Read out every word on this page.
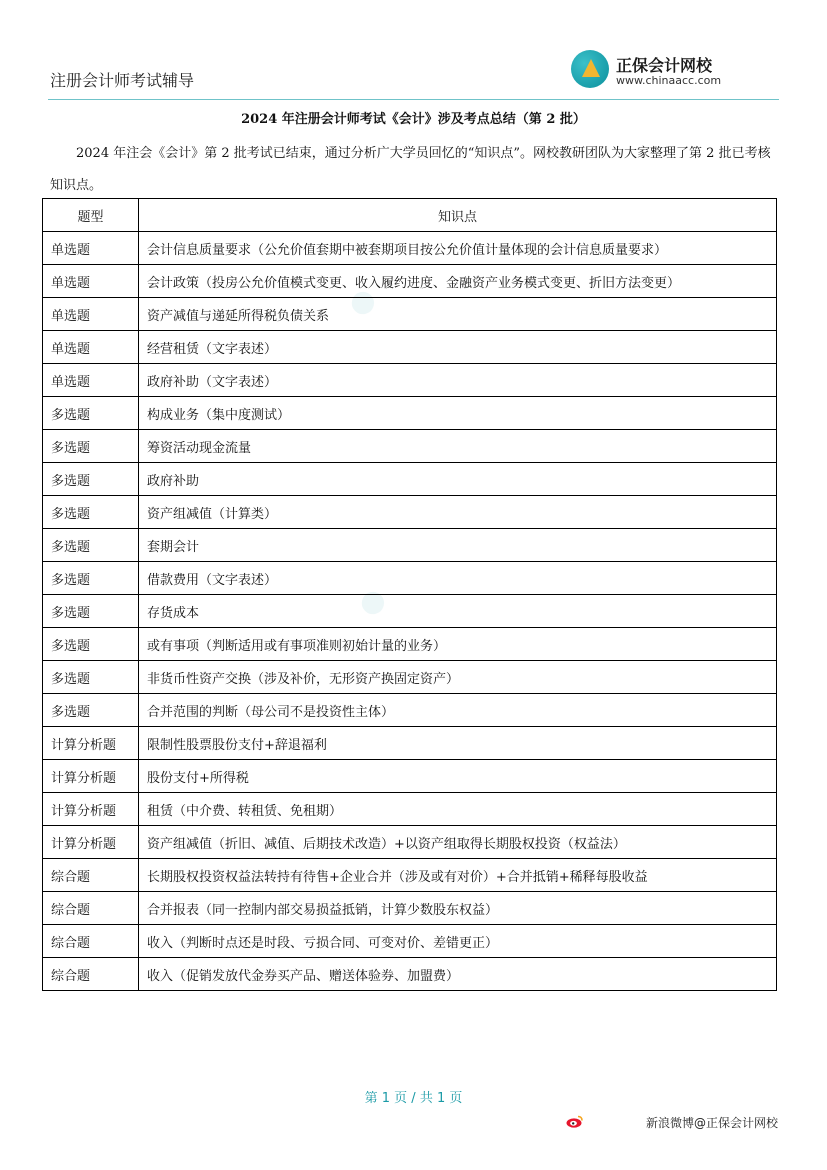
注册会计师考试辅导
正保会计网校
www.chinaacc.com
⬤
⬤
2024 年注册会计师考试《会计》涉及考点总结（第 2 批）

2024 年注会《会计》第 2 批考试已结束，通过分析广大学员回忆的“知识点”。网校教研团队为大家整理了第 2 批已考核知识点。

题型	知识点
单选题	会计信息质量要求（公允价值套期中被套期项目按公允价值计量体现的会计信息质量要求）
单选题	会计政策（投房公允价值模式变更、收入履约进度、金融资产业务模式变更、折旧方法变更）
单选题	资产减值与递延所得税负债关系
单选题	经营租赁（文字表述）
单选题	政府补助（文字表述）
多选题	构成业务（集中度测试）
多选题	筹资活动现金流量
多选题	政府补助
多选题	资产组减值（计算类）
多选题	套期会计
多选题	借款费用（文字表述）
多选题	存货成本
多选题	或有事项（判断适用或有事项准则初始计量的业务）
多选题	非货币性资产交换（涉及补价，无形资产换固定资产）
多选题	合并范围的判断（母公司不是投资性主体）
计算分析题	限制性股票股份支付+辞退福利
计算分析题	股份支付+所得税
计算分析题	租赁（中介费、转租赁、免租期）
计算分析题	资产组减值（折旧、减值、后期技术改造）+以资产组取得长期股权投资（权益法）
综合题	长期股权投资权益法转持有待售+企业合并（涉及或有对价）+合并抵销+稀释每股收益
综合题	合并报表（同一控制内部交易损益抵销，计算少数股东权益）
综合题	收入（判断时点还是时段、亏损合同、可变对价、差错更正）
综合题	收入（促销发放代金券买产品、赠送体验券、加盟费）
第 1 页 / 共 1 页
新浪微博@正保会计网校
